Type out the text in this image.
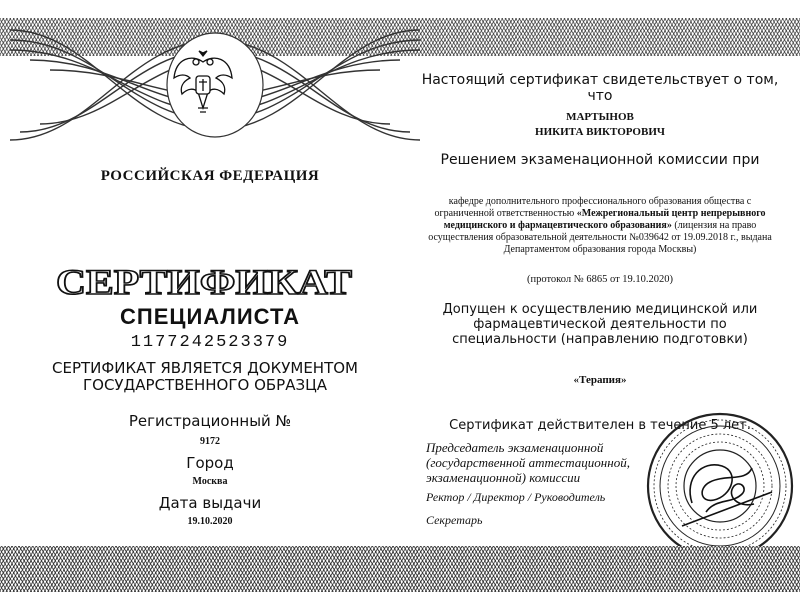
РОССИЙСКАЯ ФЕДЕРАЦИЯ
СЕРТИФИКАТ
СПЕЦИАЛИСТА
1177242523379
СЕРТИФИКАТ ЯВЛЯЕТСЯ ДОКУМЕНТОМ ГОСУДАРСТВЕННОГО ОБРАЗЦА
Регистрационный №
9172
Город
Москва
Дата выдачи
19.10.2020
Настоящий сертификат свидетельствует о том, что
МАРТЫНОВ
НИКИТА ВИКТОРОВИЧ
Решением экзаменационной комиссии при
кафедре дополнительного профессионального образования общества с ограниченной ответственностью «Межрегиональный центр непрерывного медицинского и фармацевтического образования» (лицензия на право осуществления образовательной деятельности №039642 от 19.09.2018 г., выдана Департаментом образования города Москвы)
(протокол № 6865 от 19.10.2020)
Допущен к осуществлению медицинской или фармацевтической деятельности по специальности (направлению подготовки)
«Терапия»
Сертификат действителен в течение 5 лет.
Председатель экзаменационной (государственной аттестационной, экзаменационной) комиссии
Ректор / Директор / Руководитель
Секретарь
